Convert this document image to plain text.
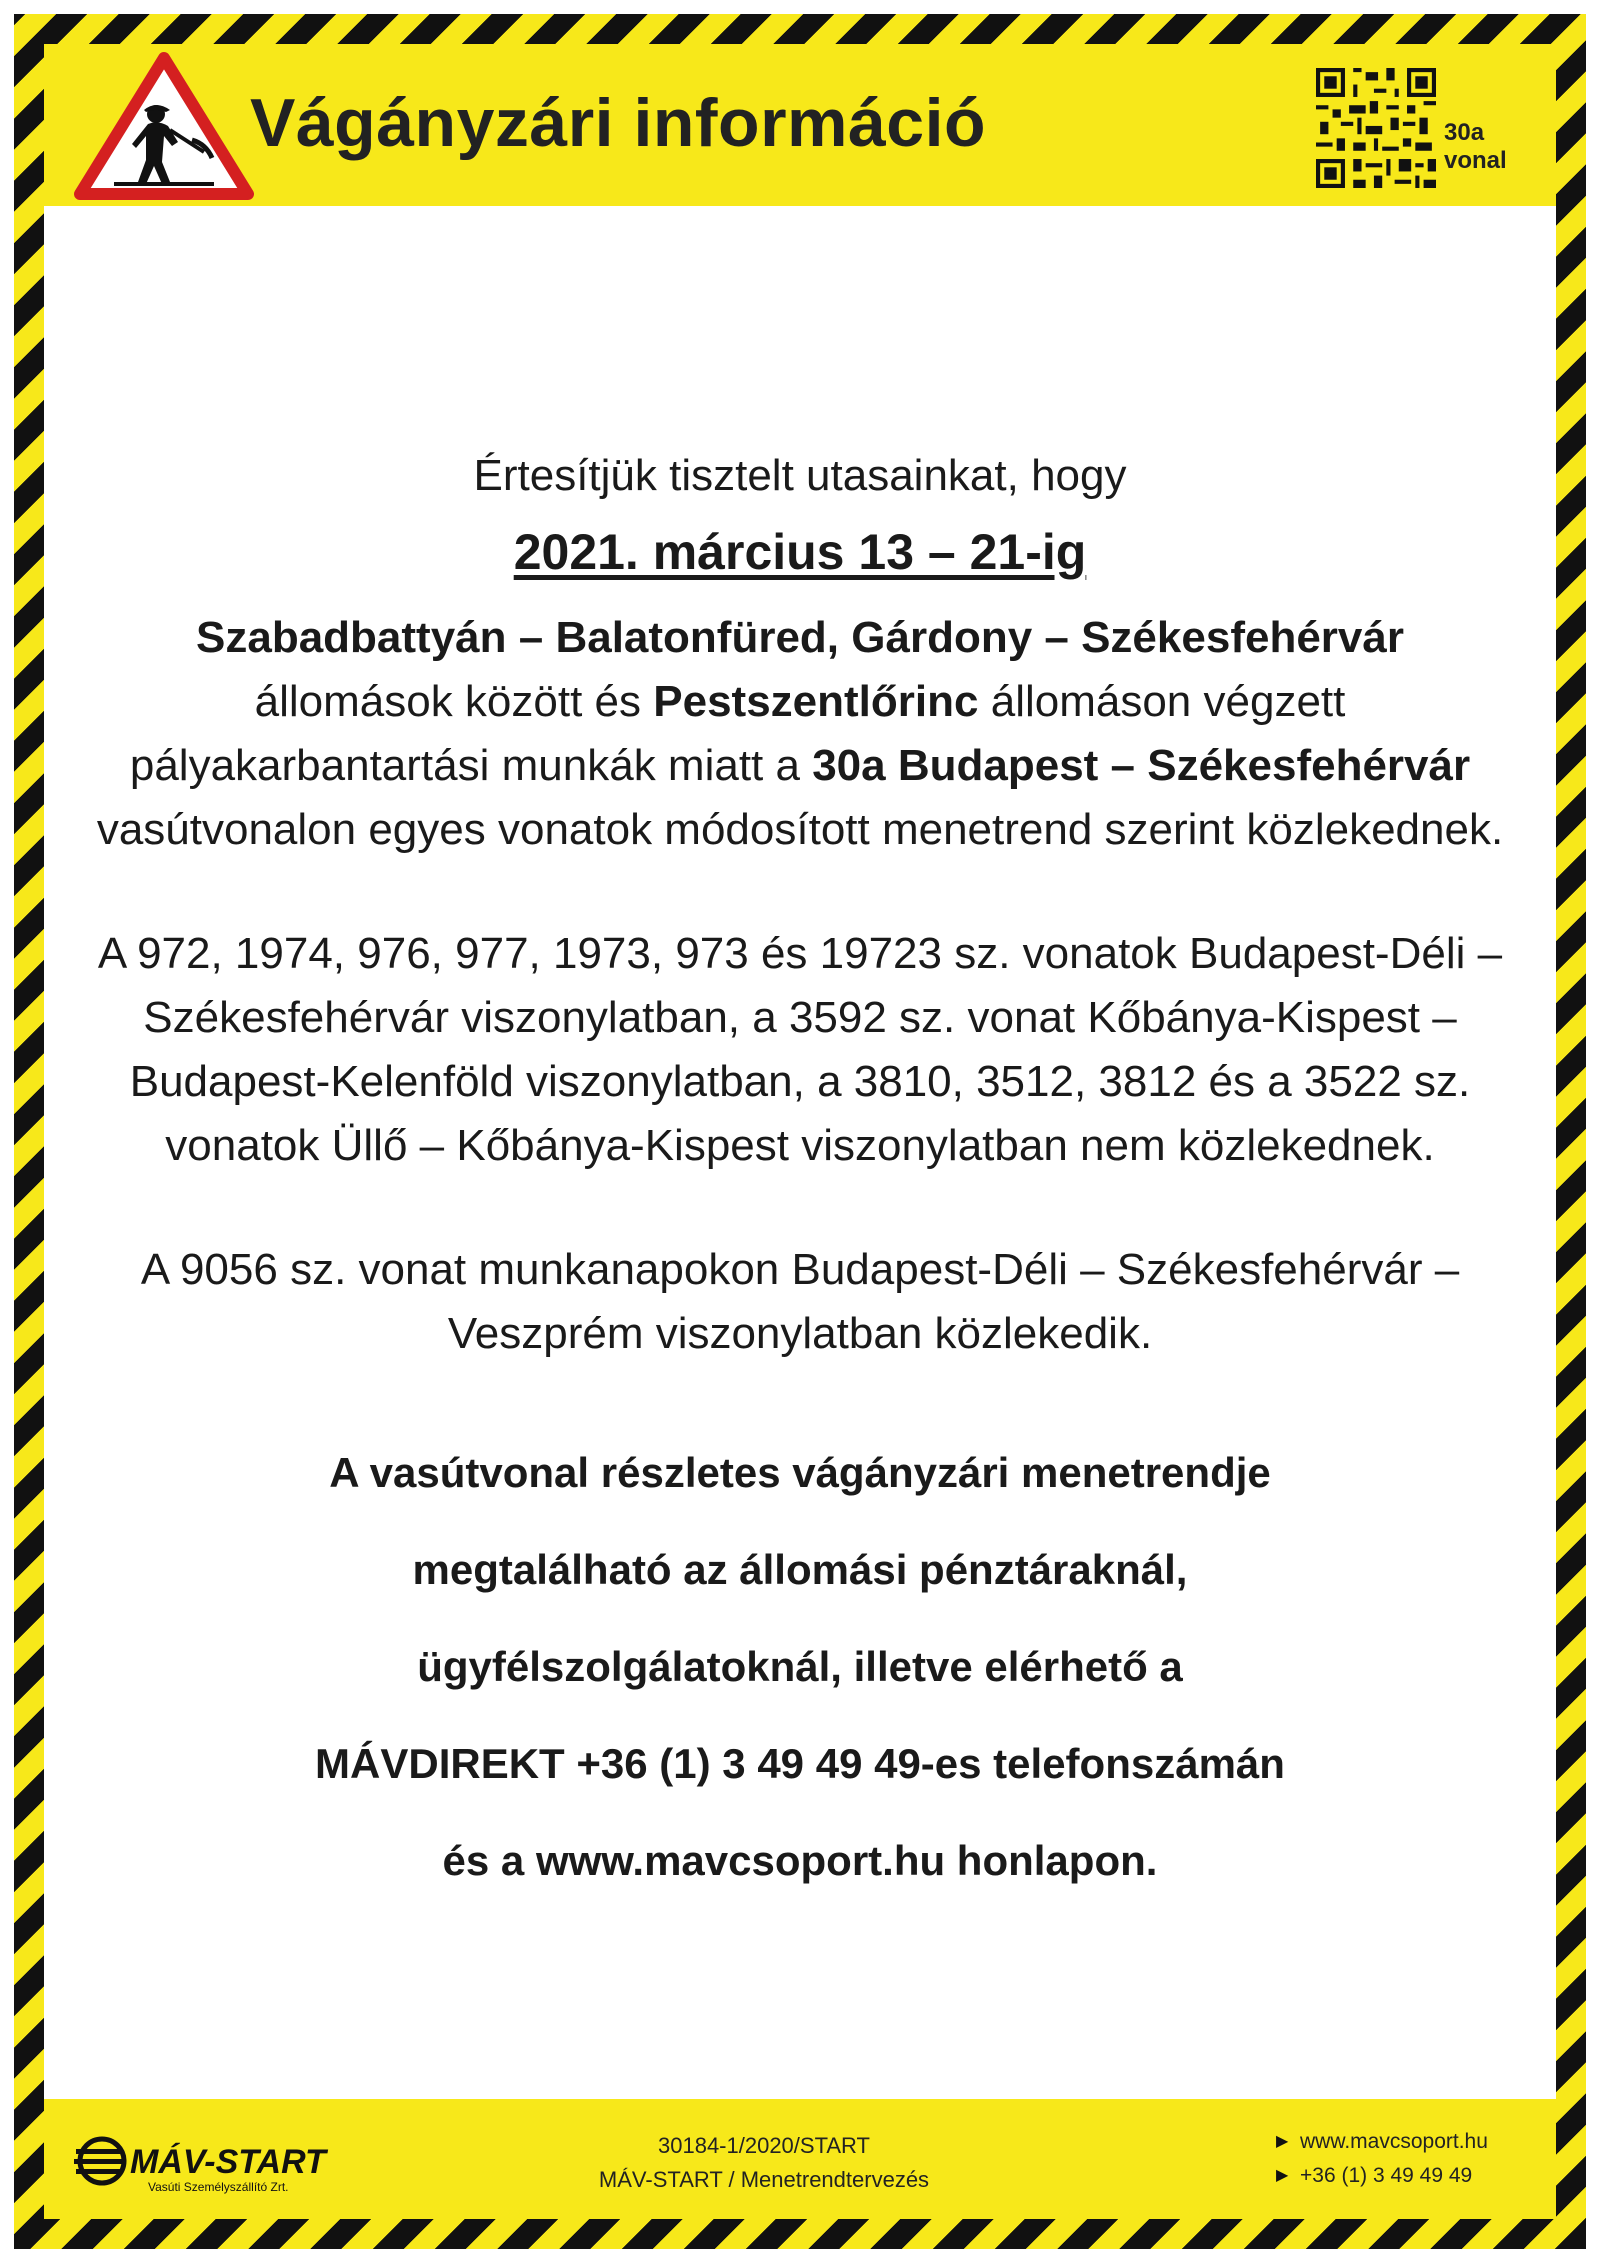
Vágányzári információ	30a
vonal

Értesítjük tisztelt utasainkat, hogy

2021. március 13 – 21-ig

Szabadbattyán – Balatonfüred, Gárdony – Székesfehérvár
állomások között és Pestszentlőrinc állomáson végzett pályakarbantartási munkák miatt a 30a Budapest – Székesfehérvár vasútvonalon egyes vonatok módosított menetrend szerint közlekednek.

A 972, 1974, 976, 977, 1973, 973 és 19723 sz. vonatok Budapest-Déli – Székesfehérvár viszonylatban, a 3592 sz. vonat Kőbánya-Kispest – Budapest-Kelenföld viszonylatban, a 3810, 3512, 3812 és a 3522 sz. vonatok Üllő – Kőbánya-Kispest viszonylatban nem közlekednek.

A 9056 sz. vonat munkanapokon Budapest-Déli – Székesfehérvár – Veszprém viszonylatban közlekedik.

A vasútvonal részletes vágányzári menetrendje
megtalálható az állomási pénztáraknál,
ügyfélszolgálatoknál, illetve elérhető a
MÁVDIREKT +36 (1) 3 49 49 49-es telefonszámán
és a www.mavcsoport.hu honlapon.
MÁV-START
Vasúti Személyszállító Zrt.
30184-1/2020/START
MÁV-START / Menetrendtervezés
▶ www.mavcsoport.hu
▶ +36 (1) 3 49 49 49
